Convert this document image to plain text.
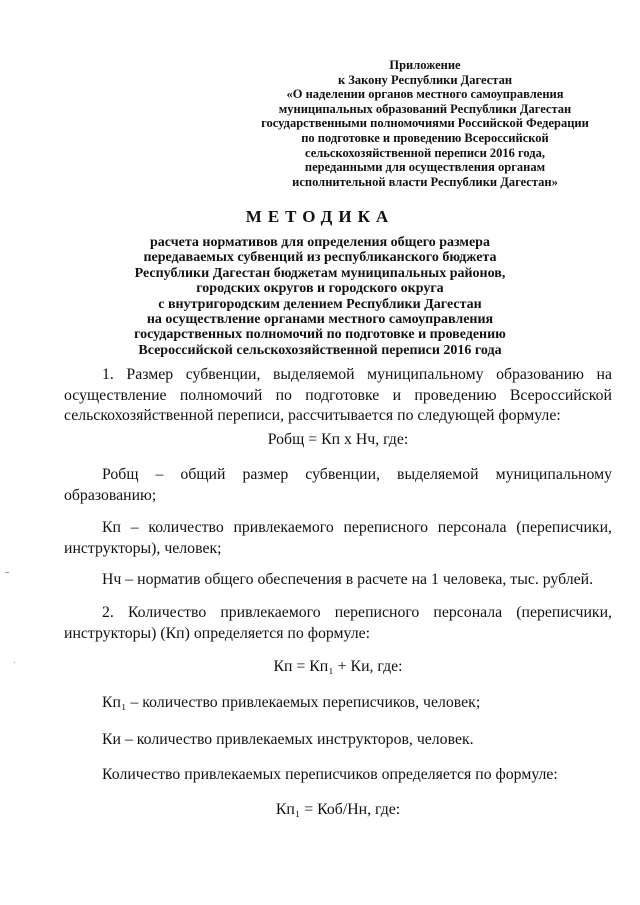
Приложение
к Закону Республики Дагестан
«О наделении органов местного самоуправления
муниципальных образований Республики Дагестан
государственными полномочиями Российской Федерации
по подготовке и проведению Всероссийской
сельскохозяйственной переписи 2016 года,
переданными для осуществления органам
исполнительной власти Республики Дагестан»
МЕТОДИКА
расчета нормативов для определения общего размера
передаваемых субвенций из республиканского бюджета
Республики Дагестан бюджетам муниципальных районов,
городских округов и городского округа
с внутригородским делением Республики Дагестан
на осуществление органами местного самоуправления
государственных полномочий по подготовке и проведению
Всероссийской сельскохозяйственной переписи 2016 года
1. Размер субвенции, выделяемой муниципальному образованию на осуществление полномочий по подготовке и проведению Всероссийской сельскохозяйственной переписи, рассчитывается по следующей формуле:
Робщ = Кп х Нч, где:
Робщ – общий размер субвенции, выделяемой муниципальному образованию;
Кп – количество привлекаемого переписного персонала (переписчики, инструкторы), человек;
Нч – норматив общего обеспечения в расчете на 1 человека, тыс. рублей.
2. Количество привлекаемого переписного персонала (переписчики, инструкторы) (Кп) определяется по формуле:
Кп = Кп₁ + Ки, где:
Кп₁ – количество привлекаемых переписчиков, человек;
Ки – количество привлекаемых инструкторов, человек.
Количество привлекаемых переписчиков определяется по формуле:
Кп₁ = Коб/Нн, где:
